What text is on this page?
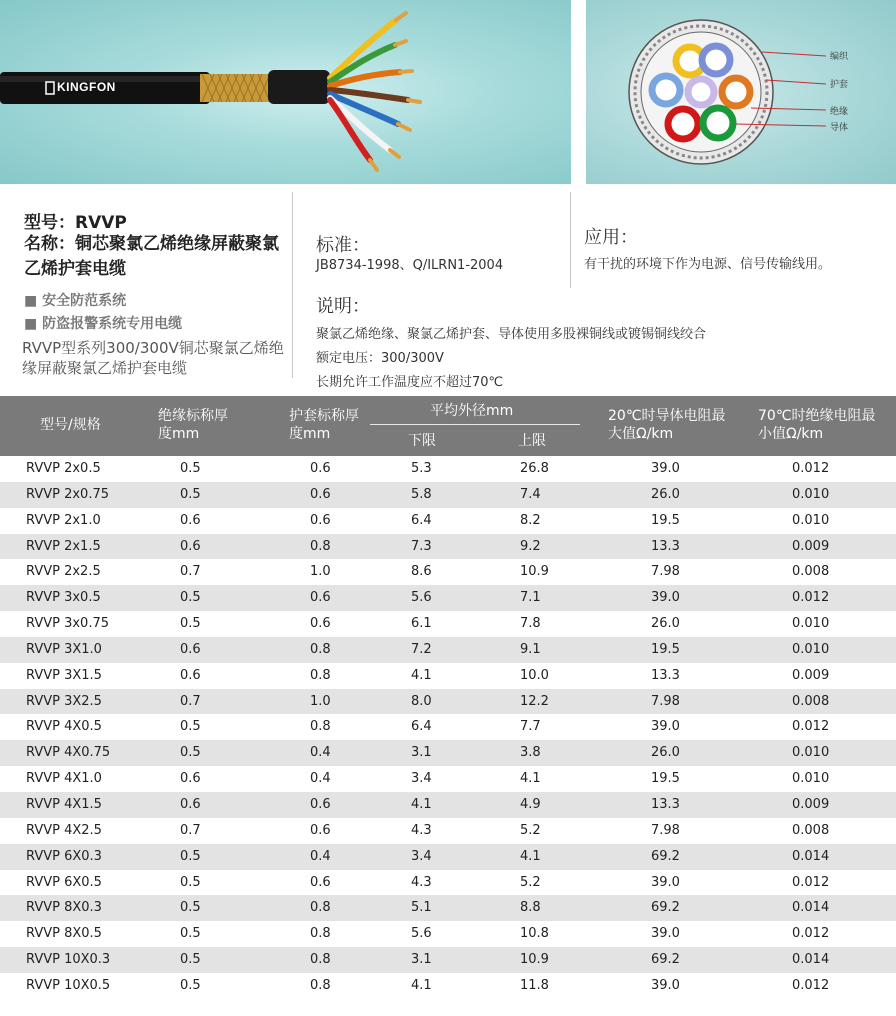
KINGFON
编织
护套
绝缘
导体
型号：RVVP
名称：铜芯聚氯乙烯绝缘屏蔽聚氯乙烯护套电缆
■ 安全防范系统
■ 防盗报警系统专用电缆
RVVP型系列300/300V铜芯聚氯乙烯绝缘屏蔽聚氯乙烯护套电缆
标准：
JB8734-1998、Q/ILRN1-2004
应用：
有干扰的环境下作为电源、信号传输线用。
说明：
聚氯乙烯绝缘、聚氯乙烯护套、导体使用多股裸铜线或镀锡铜线绞合
额定电压：300/300V
长期允许工作温度应不超过70℃
型号/规格
绝缘标称厚度mm
护套标称厚度mm
平均外径mm
下限	上限
20℃时导体电阻最大值Ω/km
70℃时绝缘电阻最小值Ω/km
RVVP 2x0.5	0.5	0.6	5.3	26.8	39.0	0.012
RVVP 2x0.75	0.5	0.6	5.8	7.4	26.0	0.010
RVVP 2x1.0	0.6	0.6	6.4	8.2	19.5	0.010
RVVP 2x1.5	0.6	0.8	7.3	9.2	13.3	0.009
RVVP 2x2.5	0.7	1.0	8.6	10.9	7.98	0.008
RVVP 3x0.5	0.5	0.6	5.6	7.1	39.0	0.012
RVVP 3x0.75	0.5	0.6	6.1	7.8	26.0	0.010
RVVP 3X1.0	0.6	0.8	7.2	9.1	19.5	0.010
RVVP 3X1.5	0.6	0.8	4.1	10.0	13.3	0.009
RVVP 3X2.5	0.7	1.0	8.0	12.2	7.98	0.008
RVVP 4X0.5	0.5	0.8	6.4	7.7	39.0	0.012
RVVP 4X0.75	0.5	0.4	3.1	3.8	26.0	0.010
RVVP 4X1.0	0.6	0.4	3.4	4.1	19.5	0.010
RVVP 4X1.5	0.6	0.6	4.1	4.9	13.3	0.009
RVVP 4X2.5	0.7	0.6	4.3	5.2	7.98	0.008
RVVP 6X0.3	0.5	0.4	3.4	4.1	69.2	0.014
RVVP 6X0.5	0.5	0.6	4.3	5.2	39.0	0.012
RVVP 8X0.3	0.5	0.8	5.1	8.8	69.2	0.014
RVVP 8X0.5	0.5	0.8	5.6	10.8	39.0	0.012
RVVP 10X0.3	0.5	0.8	3.1	10.9	69.2	0.014
RVVP 10X0.5	0.5	0.8	4.1	11.8	39.0	0.012
